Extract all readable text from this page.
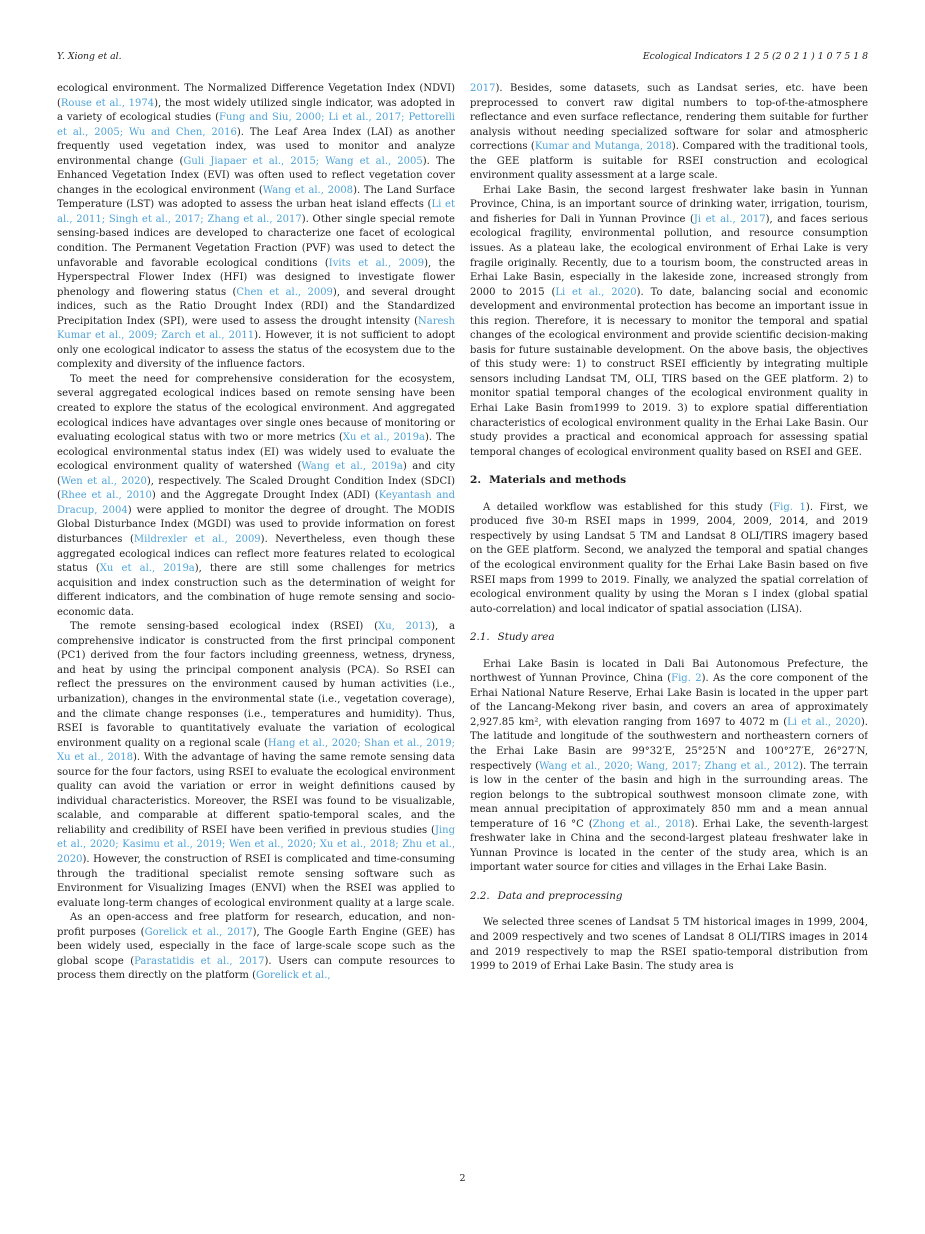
Y. Xiong et al.	Ecological Indicators 1 2 5 (2 0 2 1 ) 1 0 7 5 1 8

ecological environment. The Normalized Difference Vegetation Index (NDVI) (Rouse et al., 1974), the most widely utilized single indicator, was adopted in a variety of ecological studies (Fung and Siu, 2000; Li et al., 2017; Pettorelli et al., 2005; Wu and Chen, 2016). The Leaf Area Index (LAI) as another frequently used vegetation index, was used to monitor and analyze environmental change (Guli Jiapaer et al., 2015; Wang et al., 2005). The Enhanced Vegetation Index (EVI) was often used to reflect vegetation cover changes in the ecological environment (Wang et al., 2008). The Land Surface Temperature (LST) was adopted to assess the urban heat island effects (Li et al., 2011; Singh et al., 2017; Zhang et al., 2017). Other single special remote sensing-based indices are developed to characterize one facet of ecological condition. The Permanent Vegetation Fraction (PVF) was used to detect the unfavorable and favorable ecological conditions (Ivits et al., 2009), the Hyperspectral Flower Index (HFI) was designed to investigate flower phenology and flowering status (Chen et al., 2009), and several drought indices, such as the Ratio Drought Index (RDI) and the Standardized Precipitation Index (SPI), were used to assess the drought intensity (Naresh Kumar et al., 2009; Zarch et al., 2011). However, it is not sufficient to adopt only one ecological indicator to assess the status of the ecosystem due to the complexity and diversity of the influence factors.

To meet the need for comprehensive consideration for the ecosystem, several aggregated ecological indices based on remote sensing have been created to explore the status of the ecological environment. And aggregated ecological indices have advantages over single ones because of monitoring or evaluating ecological status with two or more metrics (Xu et al., 2019a). The ecological environmental status index (EI) was widely used to evaluate the ecological environment quality of watershed (Wang et al., 2019a) and city (Wen et al., 2020), respectively. The Scaled Drought Condition Index (SDCI) (Rhee et al., 2010) and the Aggregate Drought Index (ADI) (Keyantash and Dracup, 2004) were applied to monitor the degree of drought. The MODIS Global Disturbance Index (MGDI) was used to provide information on forest disturbances (Mildrexler et al., 2009). Nevertheless, even though these aggregated ecological indices can reflect more features related to ecological status (Xu et al., 2019a), there are still some challenges for metrics acquisition and index construction such as the determination of weight for different indicators, and the combination of huge remote sensing and socio-economic data.

The remote sensing-based ecological index (RSEI) (Xu, 2013), a comprehensive indicator is constructed from the first principal component (PC1) derived from the four factors including greenness, wetness, dryness, and heat by using the principal component analysis (PCA). So RSEI can reflect the pressures on the environment caused by human activities (i.e., urbanization), changes in the environmental state (i.e., vegetation coverage), and the climate change responses (i.e., temperatures and humidity). Thus, RSEI is favorable to quantitatively evaluate the variation of ecological environment quality on a regional scale (Hang et al., 2020; Shan et al., 2019; Xu et al., 2018). With the advantage of having the same remote sensing data source for the four factors, using RSEI to evaluate the ecological environment quality can avoid the variation or error in weight definitions caused by individual characteristics. Moreover, the RSEI was found to be visualizable, scalable, and comparable at different spatio-temporal scales, and the reliability and credibility of RSEI have been verified in previous studies (Jing et al., 2020; Kasimu et al., 2019; Wen et al., 2020; Xu et al., 2018; Zhu et al., 2020). However, the construction of RSEI is complicated and time-consuming through the traditional specialist remote sensing software such as Environment for Visualizing Images (ENVI) when the RSEI was applied to evaluate long-term changes of ecological environment quality at a large scale.

As an open-access and free platform for research, education, and non-profit purposes (Gorelick et al., 2017), The Google Earth Engine (GEE) has been widely used, especially in the face of large-scale scope such as the global scope (Parastatidis et al., 2017). Users can compute resources to process them directly on the platform (Gorelick et al.,

2017). Besides, some datasets, such as Landsat series, etc. have been preprocessed to convert raw digital numbers to top-of-the-atmosphere reflectance and even surface reflectance, rendering them suitable for further analysis without needing specialized software for solar and atmospheric corrections (Kumar and Mutanga, 2018). Compared with the traditional tools, the GEE platform is suitable for RSEI construction and ecological environment quality assessment at a large scale.

Erhai Lake Basin, the second largest freshwater lake basin in Yunnan Province, China, is an important source of drinking water, irrigation, tourism, and fisheries for Dali in Yunnan Province (Ji et al., 2017), and faces serious ecological fragility, environmental pollution, and resource consumption issues. As a plateau lake, the ecological environment of Erhai Lake is very fragile originally. Recently, due to a tourism boom, the constructed areas in Erhai Lake Basin, especially in the lakeside zone, increased strongly from 2000 to 2015 (Li et al., 2020). To date, balancing social and economic development and environmental protection has become an important issue in this region. Therefore, it is necessary to monitor the temporal and spatial changes of the ecological environment and provide scientific decision-making basis for future sustainable development. On the above basis, the objectives of this study were: 1) to construct RSEI efficiently by integrating multiple sensors including Landsat TM, OLI, TIRS based on the GEE platform. 2) to monitor spatial temporal changes of the ecological environment quality in Erhai Lake Basin from1999 to 2019. 3) to explore spatial differentiation characteristics of ecological environment quality in the Erhai Lake Basin. Our study provides a practical and economical approach for assessing spatial temporal changes of ecological environment quality based on RSEI and GEE.

2. Materials and methods

A detailed workflow was established for this study (Fig. 1). First, we produced five 30-m RSEI maps in 1999, 2004, 2009, 2014, and 2019 respectively by using Landsat 5 TM and Landsat 8 OLI/TIRS imagery based on the GEE platform. Second, we analyzed the temporal and spatial changes of the ecological environment quality for the Erhai Lake Basin based on five RSEI maps from 1999 to 2019. Finally, we analyzed the spatial correlation of ecological environment quality by using the Moran s I index (global spatial auto-correlation) and local indicator of spatial association (LISA).

2.1. Study area

Erhai Lake Basin is located in Dali Bai Autonomous Prefecture, the northwest of Yunnan Province, China (Fig. 2). As the core component of the Erhai National Nature Reserve, Erhai Lake Basin is located in the upper part of the Lancang-Mekong river basin, and covers an area of approximately 2,927.85 km², with elevation ranging from 1697 to 4072 m (Li et al., 2020). The latitude and longitude of the southwestern and northeastern corners of the Erhai Lake Basin are 99°32′E, 25°25′N and 100°27′E, 26°27′N, respectively (Wang et al., 2020; Wang, 2017; Zhang et al., 2012). The terrain is low in the center of the basin and high in the surrounding areas. The region belongs to the subtropical southwest monsoon climate zone, with mean annual precipitation of approximately 850 mm and a mean annual temperature of 16 °C (Zhong et al., 2018). Erhai Lake, the seventh-largest freshwater lake in China and the second-largest plateau freshwater lake in Yunnan Province is located in the center of the study area, which is an important water source for cities and villages in the Erhai Lake Basin.

2.2. Data and preprocessing

We selected three scenes of Landsat 5 TM historical images in 1999, 2004, and 2009 respectively and two scenes of Landsat 8 OLI/TIRS images in 2014 and 2019 respectively to map the RSEI spatio-temporal distribution from 1999 to 2019 of Erhai Lake Basin. The study area is

2
